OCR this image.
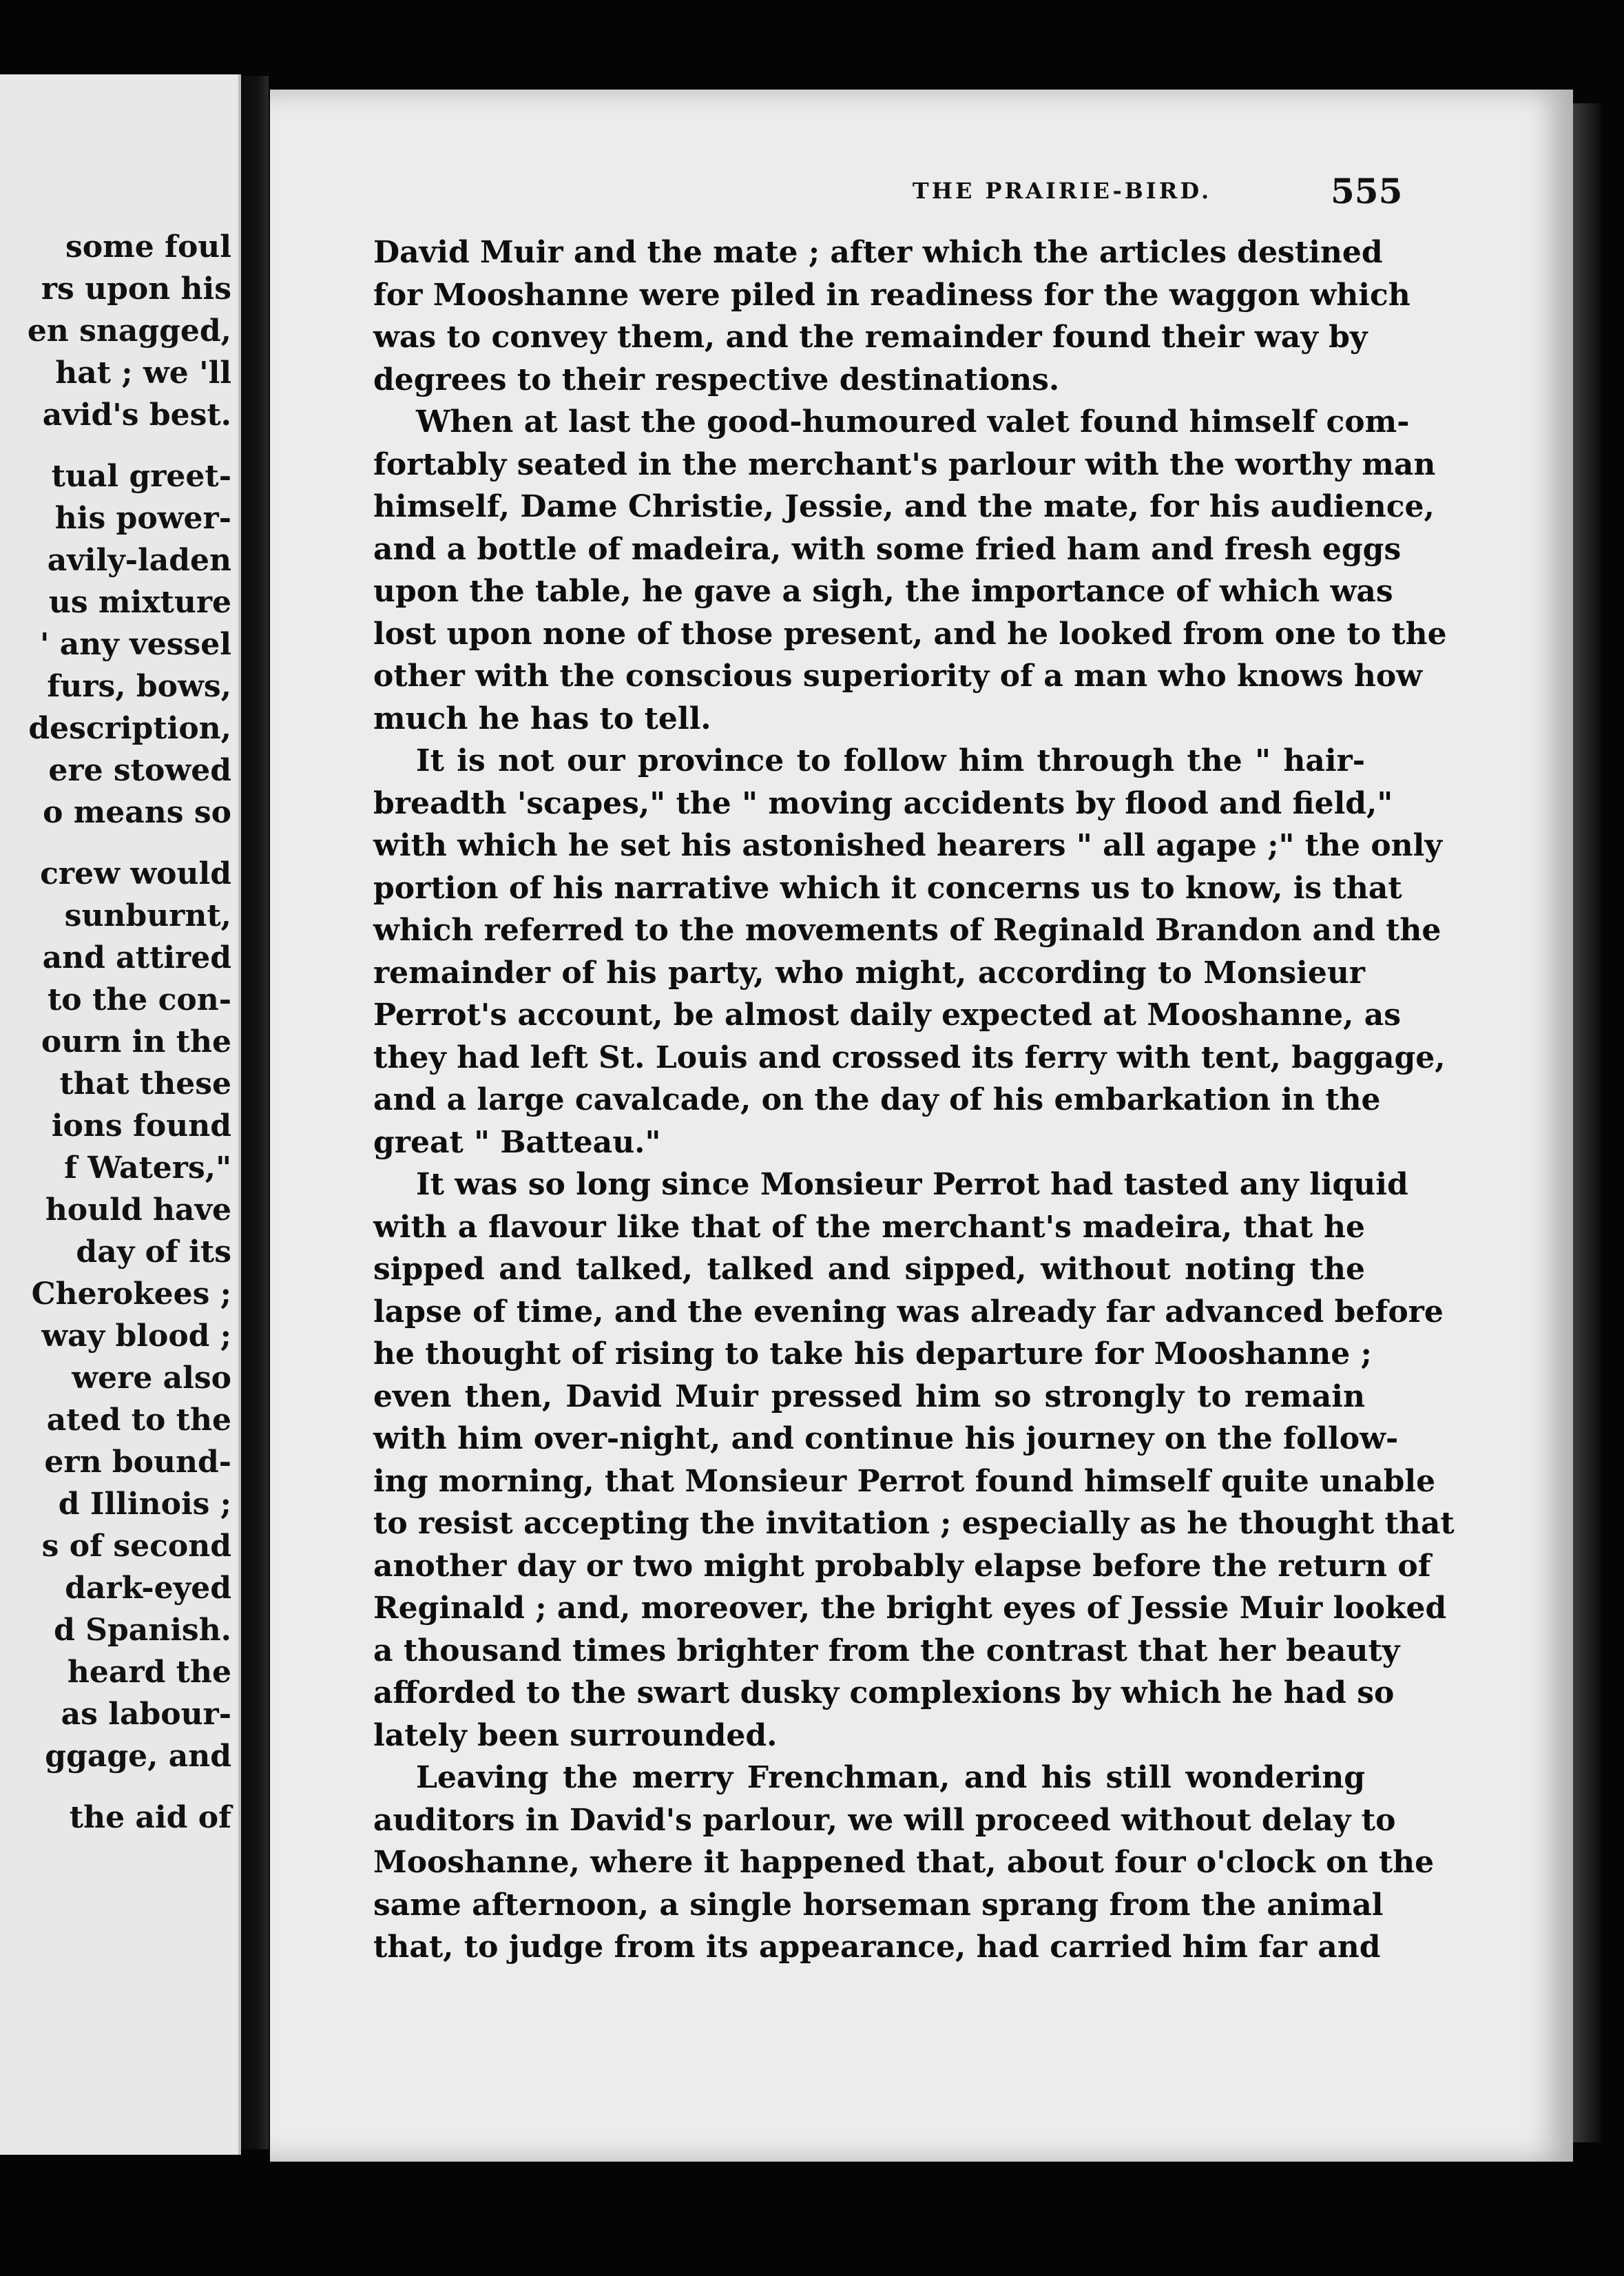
some foul
rs upon his
en snagged,
hat ; we 'll
avid's best.
tual greet-
his power-
avily-laden
us mixture
' any vessel
furs, bows,
description,
ere stowed
o means so
crew would
sunburnt,
and attired
to the con-
ourn in the
that these
ions found
f Waters,"
hould have
day of its
Cherokees ;
way blood ;
were also
ated to the
ern bound-
d Illinois ;
s of second
dark-eyed
d Spanish.
heard the
as labour-
ggage, and
the aid of
THE PRAIRIE-BIRD.	555
David Muir and the mate ; after which the articles destined
for Mooshanne were piled in readiness for the waggon which
was to convey them, and the remainder found their way by
degrees to their respective destinations.
When at last the good-humoured valet found himself com-
fortably seated in the merchant's parlour with the worthy man
himself, Dame Christie, Jessie, and the mate, for his audience,
and a bottle of madeira, with some fried ham and fresh eggs
upon the table, he gave a sigh, the importance of which was
lost upon none of those present, and he looked from one to the
other with the conscious superiority of a man who knows how
much he has to tell.
It is not our province to follow him through the " hair-
breadth 'scapes," the " moving accidents by flood and field,"
with which he set his astonished hearers " all agape ;" the only
portion of his narrative which it concerns us to know, is that
which referred to the movements of Reginald Brandon and the
remainder of his party, who might, according to Monsieur
Perrot's account, be almost daily expected at Mooshanne, as
they had left St. Louis and crossed its ferry with tent, baggage,
and a large cavalcade, on the day of his embarkation in the
great " Batteau."
It was so long since Monsieur Perrot had tasted any liquid
with a flavour like that of the merchant's madeira, that he
sipped and talked, talked and sipped, without noting the
lapse of time, and the evening was already far advanced before
he thought of rising to take his departure for Mooshanne ;
even then, David Muir pressed him so strongly to remain
with him over-night, and continue his journey on the follow-
ing morning, that Monsieur Perrot found himself quite unable
to resist accepting the invitation ; especially as he thought that
another day or two might probably elapse before the return of
Reginald ; and, moreover, the bright eyes of Jessie Muir looked
a thousand times brighter from the contrast that her beauty
afforded to the swart dusky complexions by which he had so
lately been surrounded.
Leaving the merry Frenchman, and his still wondering
auditors in David's parlour, we will proceed without delay to
Mooshanne, where it happened that, about four o'clock on the
same afternoon, a single horseman sprang from the animal
that, to judge from its appearance, had carried him far and
